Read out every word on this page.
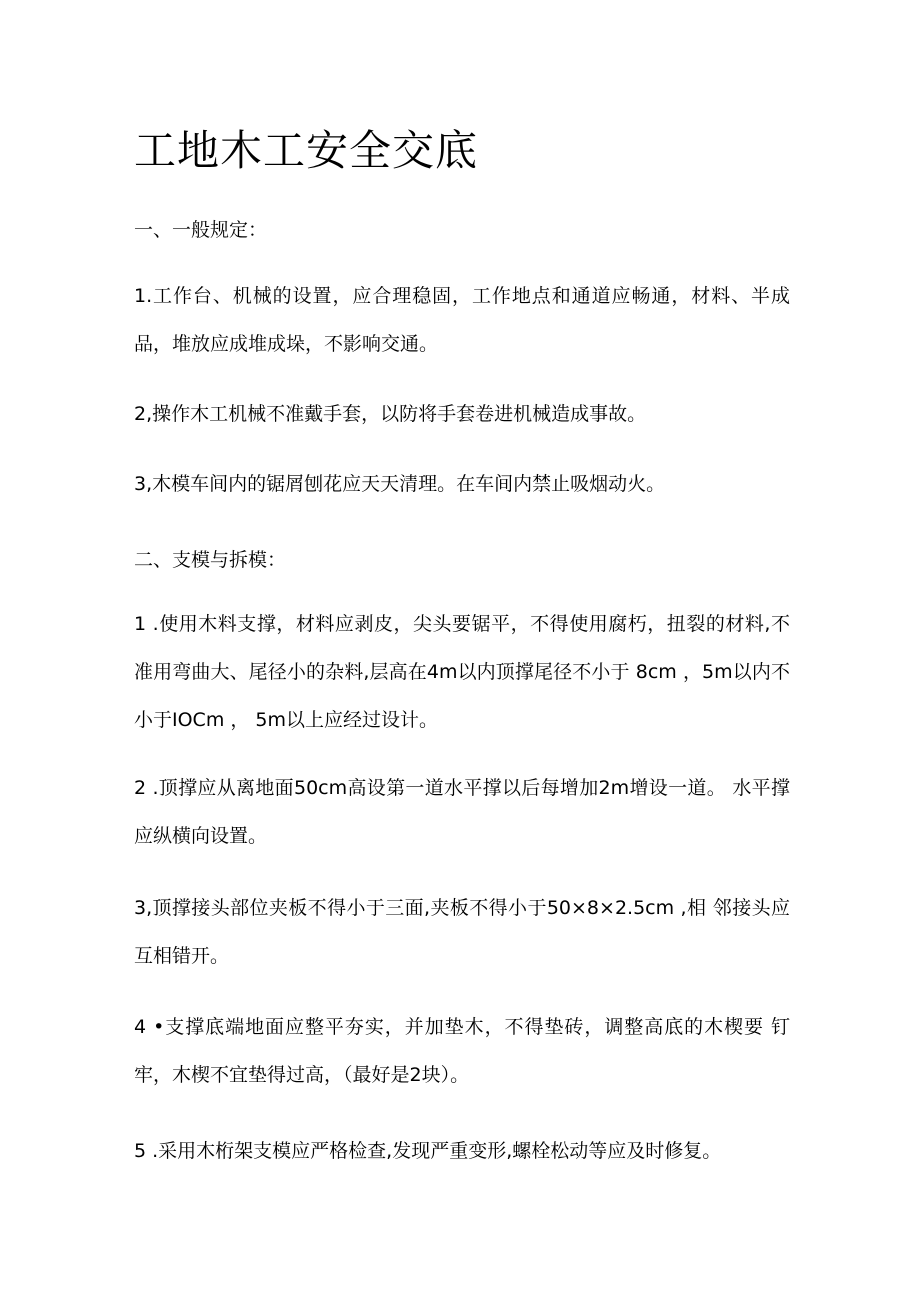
工地木工安全交底

一、一般规定：

1.工作台、机械的设置，应合理稳固，工作地点和通道应畅通，材料、半成品，堆放应成堆成垛，不影响交通。

2,操作木工机械不准戴手套，以防将手套卷进机械造成事故。

3,木模车间内的锯屑刨花应天天清理。在车间内禁止吸烟动火。

二、支模与拆模：

1 .使用木料支撑，材料应剥皮，尖头要锯平，不得使用腐朽，扭裂的材料,不准用弯曲大、尾径小的杂料,层高在4m以内顶撑尾径不小于 8cm ，5m以内不小于IOCm ， 5m以上应经过设计。

2 .顶撑应从离地面50cm高设第一道水平撑以后每增加2m增设一道。 水平撑应纵横向设置。

3,顶撑接头部位夹板不得小于三面,夹板不得小于50×8×2.5cm ,相 邻接头应互相错开。

4 •支撑底端地面应整平夯实，并加垫木，不得垫砖，调整高底的木楔要 钉牢，木楔不宜垫得过高，（最好是2块）。

5 .采用木桁架支模应严格检查,发现严重变形,螺栓松动等应及时修复。
